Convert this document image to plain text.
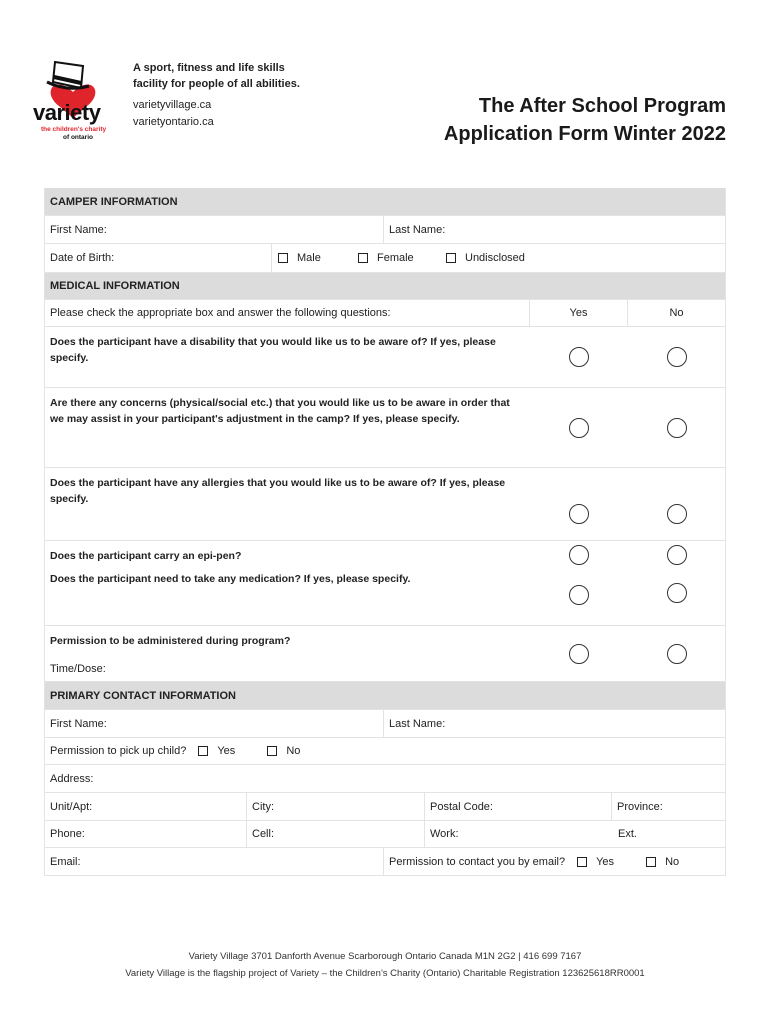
variety
the children's charity
of ontario
A sport, fitness and life skills
facility for people of all abilities.
varietyvillage.ca
varietyontario.ca
The After School Program
Application Form Winter 2022
CAMPER INFORMATION
First Name:	Last Name:
Date of Birth:	Male	Female	Undisclosed
MEDICAL INFORMATION
Please check the appropriate box and answer the following questions:	Yes	No
Does the participant have a disability that you would like us to be aware of? If yes, please specify.
Are there any concerns (physical/social etc.) that you would like us to be aware in order that we may assist in your participant's adjustment in the camp? If yes, please specify.
Does the participant have any allergies that you would like us to be aware of? If yes, please specify.
Does the participant carry an epi-pen?
Does the participant need to take any medication? If yes, please specify.
Permission to be administered during program?
Time/Dose:
PRIMARY CONTACT INFORMATION
First Name:	Last Name:
Permission to pick up child?	Yes	No
Address:
Unit/Apt:	City:	Postal Code:	Province:
Phone:	Cell:	Work:	Ext.
Email:	Permission to contact you by email?	Yes	No
Variety Village 3701 Danforth Avenue Scarborough Ontario Canada M1N 2G2 | 416 699 7167
Variety Village is the flagship project of Variety – the Children’s Charity (Ontario) Charitable Registration 123625618RR0001
